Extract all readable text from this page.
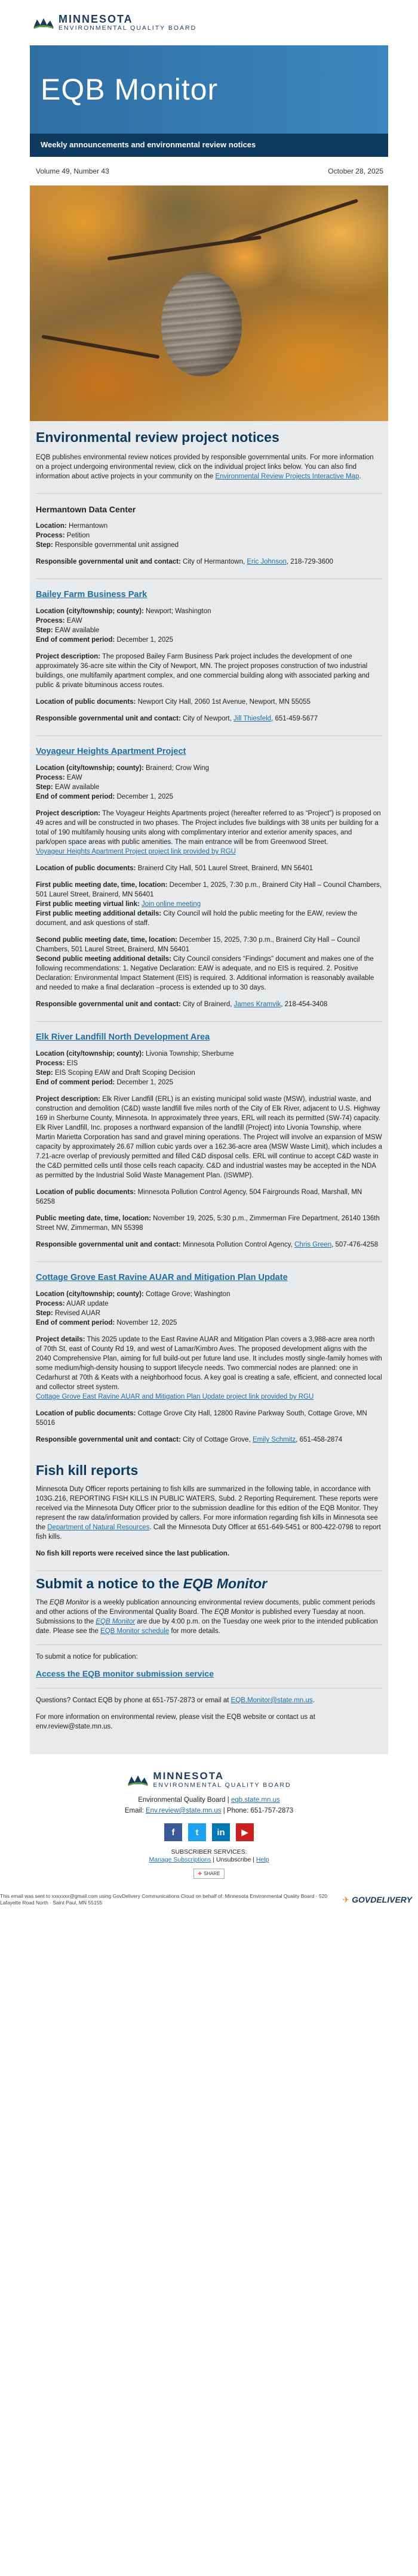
MINNESOTA
ENVIRONMENTAL QUALITY BOARD
EQB Monitor
Weekly announcements and environmental review notices
Volume 49, Number 43	October 28, 2025
Environmental review project notices

EQB publishes environmental review notices provided by responsible governmental units. For more information on a project undergoing environmental review, click on the individual project links below. You can also find information about active projects in your community on the Environmental Review Projects Interactive Map.

Hermantown Data Center
Location: Hermantown
Process: Petition
Step: Responsible governmental unit assigned
Responsible governmental unit and contact: City of Hermantown, Eric Johnson, 218-729-3600
Bailey Farm Business Park
Location (city/township; county): Newport; Washington
Process: EAW
Step: EAW available
End of comment period: December 1, 2025

Project description: The proposed Bailey Farm Business Park project includes the development of one approximately 36-acre site within the City of Newport, MN. The project proposes construction of two industrial buildings, one multifamily apartment complex, and one commercial building along with associated parking and public & private bituminous access routes.

Location of public documents: Newport City Hall, 2060 1st Avenue, Newport, MN 55055

Responsible governmental unit and contact: City of Newport, Jill Thiesfeld, 651-459-5677
Voyageur Heights Apartment Project
Location (city/township; county): Brainerd; Crow Wing
Process: EAW
Step: EAW available
End of comment period: December 1, 2025
Project description: The Voyageur Heights Apartments project (hereafter referred to as “Project”) is proposed on 49 acres and will be constructed in two phases. The Project includes five buildings with 38 units per building for a total of 190 multifamily housing units along with complimentary interior and exterior amenity spaces, and park/open space areas with public amenities. The main entrance will be from Greenwood Street.

Voyageur Heights Apartment Project project link provided by RGU

Location of public documents: Brainerd City Hall, 501 Laurel Street, Brainerd, MN 56401

First public meeting date, time, location: December 1, 2025, 7:30 p.m., Brainerd City Hall – Council Chambers, 501 Laurel Street, Brainerd, MN 56401
First public meeting virtual link: Join online meeting

First public meeting additional details: City Council will hold the public meeting for the EAW, review the document, and ask questions of staff.

Second public meeting date, time, location: December 15, 2025, 7:30 p.m., Brainerd City Hall – Council Chambers, 501 Laurel Street, Brainerd, MN 56401

Second public meeting additional details: City Council considers “Findings” document and makes one of the following recommendations: 1. Negative Declaration: EAW is adequate, and no EIS is required. 2. Positive Declaration: Environmental Impact Statement (EIS) is required. 3. Additional information is reasonably available and needed to make a final declaration –process is extended up to 30 days.

Responsible governmental unit and contact: City of Brainerd, James Kramvik, 218-454-3408
Elk River Landfill North Development Area
Location (city/township; county): Livonia Township; Sherburne
Process: EIS
Step: EIS Scoping EAW and Draft Scoping Decision
End of comment period: December 1, 2025

Project description: Elk River Landfill (ERL) is an existing municipal solid waste (MSW), industrial waste, and construction and demolition (C&D) waste landfill five miles north of the City of Elk River, adjacent to U.S. Highway 169 in Sherburne County, Minnesota. In approximately three years, ERL will reach its permitted (SW-74) capacity. Elk River Landfill, Inc. proposes a northward expansion of the landfill (Project) into Livonia Township, where Martin Marietta Corporation has sand and gravel mining operations. The Project will involve an expansion of MSW capacity by approximately 26.67 million cubic yards over a 162.36-acre area (MSW Waste Limit), which includes a 7.21-acre overlap of previously permitted and filled C&D disposal cells. ERL will continue to accept C&D waste in the C&D permitted cells until those cells reach capacity. C&D and industrial wastes may be accepted in the NDA as permitted by the Industrial Solid Waste Management Plan. (ISWMP).

Location of public documents: Minnesota Pollution Control Agency, 504 Fairgrounds Road, Marshall, MN 56258

Public meeting date, time, location: November 19, 2025, 5:30 p.m., Zimmerman Fire Department, 26140 136th Street NW, Zimmerman, MN 55398

Responsible governmental unit and contact: Minnesota Pollution Control Agency, Chris Green, 507-476-4258
Cottage Grove East Ravine AUAR and Mitigation Plan Update
Location (city/township; county): Cottage Grove; Washington
Process: AUAR update
Step: Revised AUAR
End of comment period: November 12, 2025
Project details: This 2025 update to the East Ravine AUAR and Mitigation Plan covers a 3,988-acre area north of 70th St, east of County Rd 19, and west of Lamar/Kimbro Aves. The proposed development aligns with the 2040 Comprehensive Plan, aiming for full build-out per future land use. It includes mostly single-family homes with some medium/high-density housing to support lifecycle needs. Two commercial nodes are planned: one in Cedarhurst at 70th & Keats with a neighborhood focus. A key goal is creating a safe, efficient, and connected local and collector street system.

Cottage Grove East Ravine AUAR and Mitigation Plan Update project link provided by RGU

Location of public documents: Cottage Grove City Hall, 12800 Ravine Parkway South, Cottage Grove, MN 55016

Responsible governmental unit and contact: City of Cottage Grove, Emily Schmitz, 651-458-2874
Fish kill reports

Minnesota Duty Officer reports pertaining to fish kills are summarized in the following table, in accordance with 103G.216, REPORTING FISH KILLS IN PUBLIC WATERS, Subd. 2 Reporting Requirement. These reports were received via the Minnesota Duty Officer prior to the submission deadline for this edition of the EQB Monitor. They represent the raw data/information provided by callers. For more information regarding fish kills in Minnesota see the Department of Natural Resources. Call the Minnesota Duty Officer at 651-649-5451 or 800-422-0798 to report fish kills.

No fish kill reports were received since the last publication.

Submit a notice to the EQB Monitor

The EQB Monitor is a weekly publication announcing environmental review documents, public comment periods and other actions of the Environmental Quality Board. The EQB Monitor is published every Tuesday at noon. Submissions to the EQB Monitor are due by 4:00 p.m. on the Tuesday one week prior to the intended publication date. Please see the EQB Monitor schedule for more details.

To submit a notice for publication:

Access the EQB monitor submission service

Questions? Contact EQB by phone at 651-757-2873 or email at EQB.Monitor@state.mn.us.

For more information on environmental review, please visit the EQB website or contact us at env.review@state.mn.us.

MINNESOTA
ENVIRONMENTAL QUALITY BOARD
Environmental Quality Board | eqb.state.mn.us
Email: Env.review@state.mn.us | Phone: 651-757-2873
f	t	in	▶
SUBSCRIBER SERVICES:
Manage Subscriptions | Unsubscribe | Help
✚ SHARE
This email was sent to xxxxxxx@gmail.com using GovDelivery Communications Cloud on behalf of: Minnesota Environmental Quality Board · 520 Lafayette Road North · Saint Paul, MN 55155	✈ GOVDELIVERY
